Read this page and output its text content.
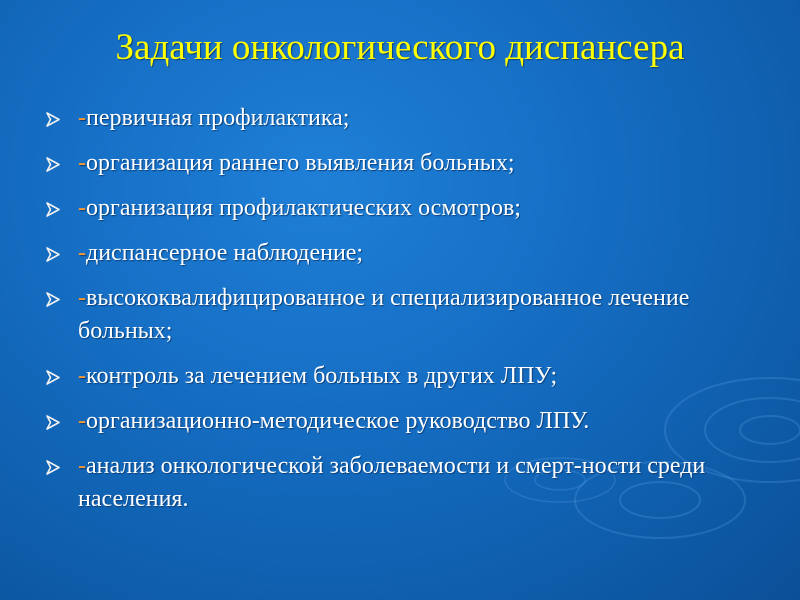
Задачи онкологического диспансера
-первичная профилактика;
-организация раннего выявления больных;
-организация профилактических осмотров;
-диспансерное наблюдение;
-высококвалифицированное и специализированное лечение больных;
-контроль за лечением больных в других ЛПУ;
-организационно-методическое руководство ЛПУ.
-анализ онкологической заболеваемости и смерт-ности среди населения.
